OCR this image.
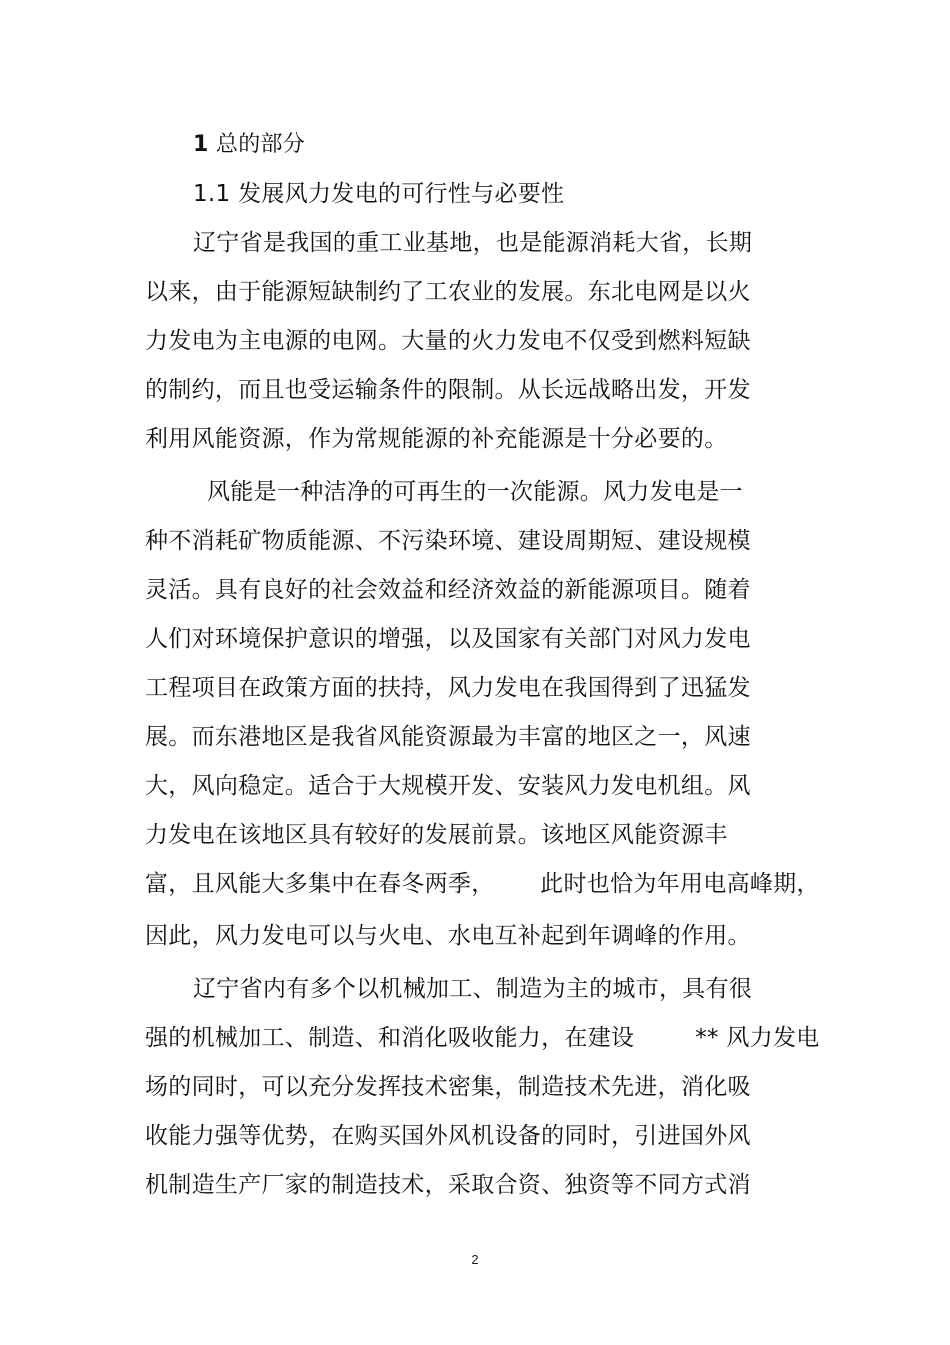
1 总的部分
1.1 发展风力发电的可行性与必要性
辽宁省是我国的重工业基地，也是能源消耗大省，长期
以来，由于能源短缺制约了工农业的发展。东北电网是以火
力发电为主电源的电网。大量的火力发电不仅受到燃料短缺
的制约，而且也受运输条件的限制。从长远战略出发，开发
利用风能资源，作为常规能源的补充能源是十分必要的。
风能是一种洁净的可再生的一次能源。风力发电是一
种不消耗矿物质能源、不污染环境、建设周期短、建设规模
灵活。具有良好的社会效益和经济效益的新能源项目。随着
人们对环境保护意识的增强，以及国家有关部门对风力发电
工程项目在政策方面的扶持，风力发电在我国得到了迅猛发
展。而东港地区是我省风能资源最为丰富的地区之一，风速
大，风向稳定。适合于大规模开发、安装风力发电机组。风
力发电在该地区具有较好的发展前景。该地区风能资源丰
富，且风能大多集中在春冬两季，      此时也恰为年用电高峰期，
因此，风力发电可以与火电、水电互补起到年调峰的作用。
辽宁省内有多个以机械加工、制造为主的城市，具有很
强的机械加工、制造、和消化吸收能力，在建设        ** 风力发电
场的同时，可以充分发挥技术密集，制造技术先进，消化吸
收能力强等优势，在购买国外风机设备的同时，引进国外风
机制造生产厂家的制造技术，采取合资、独资等不同方式消
2
